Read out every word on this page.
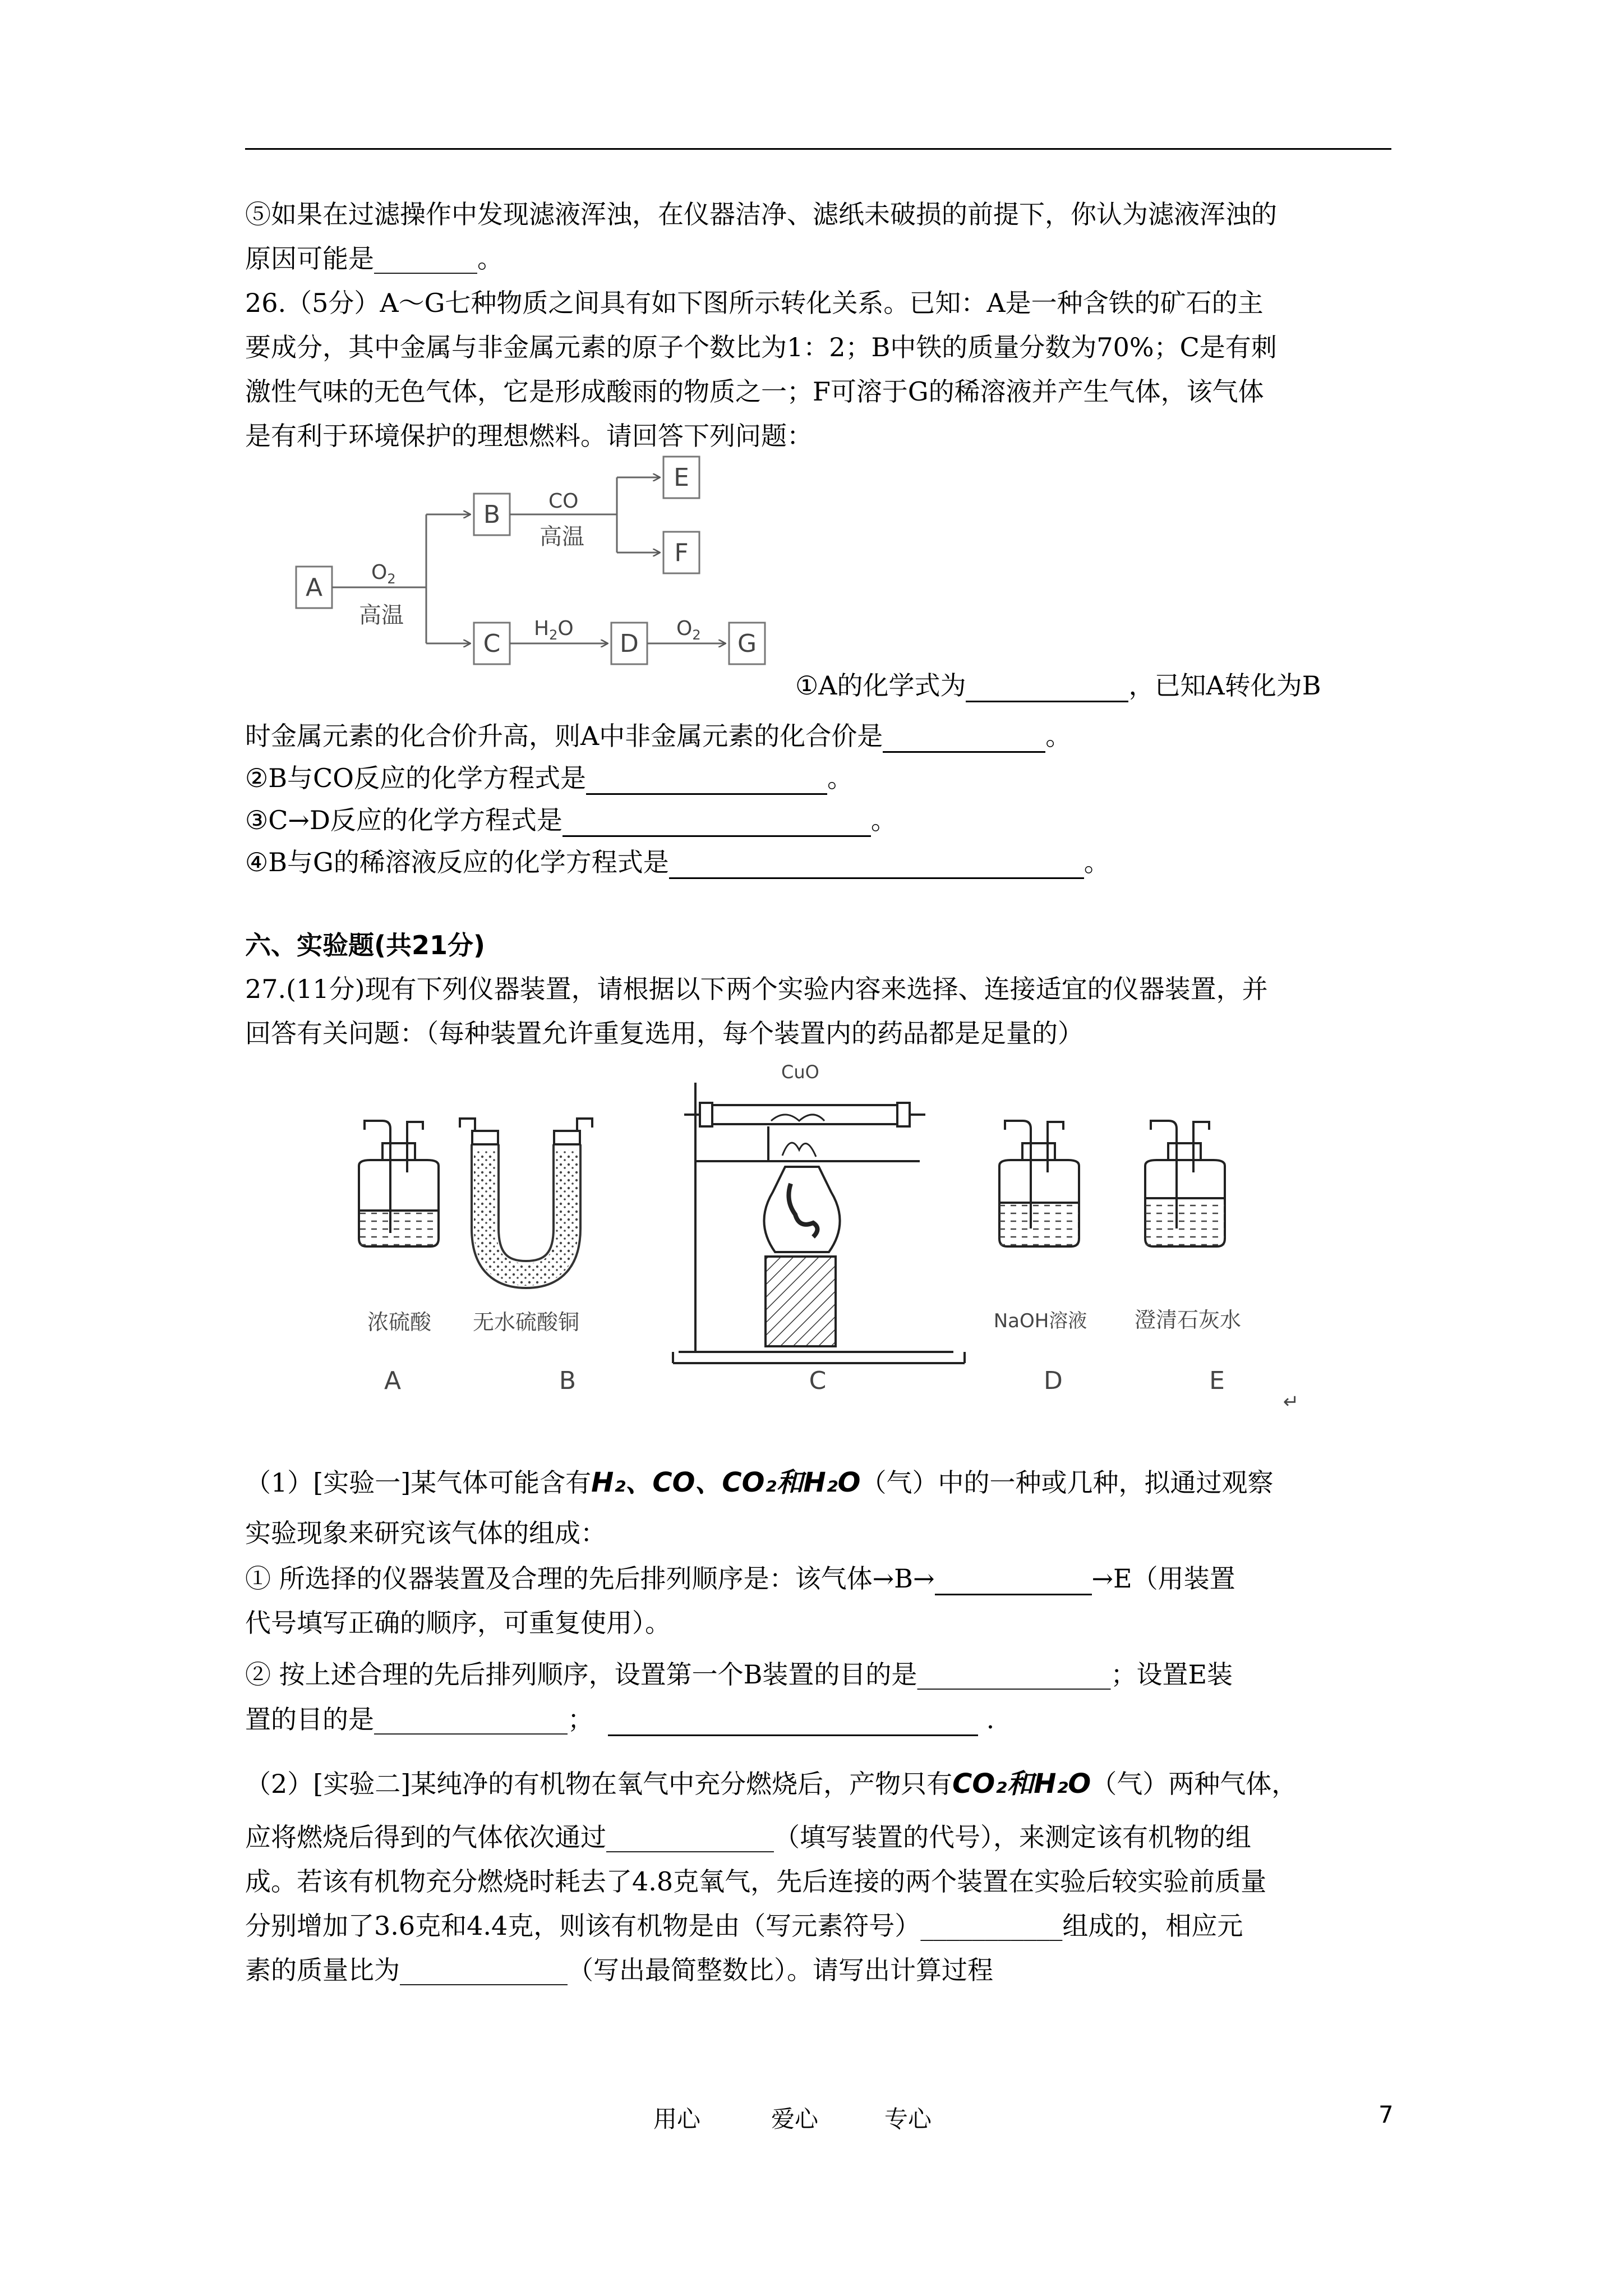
⑤如果在过滤操作中发现滤液浑浊，在仪器洁净、滤纸未破损的前提下，你认为滤液浑浊的
原因可能是________。
26.（5分）A～G七种物质之间具有如下图所示转化关系。已知：A是一种含铁的矿石的主
要成分，其中金属与非金属元素的原子个数比为1：2；B中铁的质量分数为70%；C是有刺
激性气味的无色气体，它是形成酸雨的物质之一；F可溶于G的稀溶液并产生气体，该气体
是有利于环境保护的理想燃料。请回答下列问题：
A
B
C	D
E
F
G
$O_2$
高温
CO
高温
$H_2O$	$O_2$
①A的化学式为	，已知A转化为B
时金属元素的化合价升高，则A中非金属元素的化合价是	。
②B与CO反应的化学方程式是	。
③C→D反应的化学方程式是	。
④B与G的稀溶液反应的化学方程式是	。
六、实验题(共21分)
27.(11分)现有下列仪器装置，请根据以下两个实验内容来选择、连接适宜的仪器装置，并
回答有关问题：（每种装置允许重复选用，每个装置内的药品都是足量的）
CuO
浓硫酸 无水硫酸铜	NaOH溶液 澄清石灰水
A	B	C	D	E
↵
（1）[实验一]某气体可能含有H₂、CO、CO₂和H₂O（气）中的一种或几种，拟通过观察
实验现象来研究该气体的组成：
① 所选择的仪器装置及合理的先后排列顺序是：该气体→B→	→E（用装置
代号填写正确的顺序，可重复使用）。
② 按上述合理的先后排列顺序，设置第一个B装置的目的是_______________；设置E装
置的目的是_______________；	.
（2）[实验二]某纯净的有机物在氧气中充分燃烧后，产物只有CO₂和H₂O（气）两种气体，
应将燃烧后得到的气体依次通过_____________（填写装置的代号），来测定该有机物的组
成。若该有机物充分燃烧时耗去了4.8克氧气，先后连接的两个装置在实验后较实验前质量
分别增加了3.6克和4.4克，则该有机物是由（写元素符号）___________组成的，相应元
素的质量比为_____________（写出最简整数比）。请写出计算过程
用心	爱心	专心	7
